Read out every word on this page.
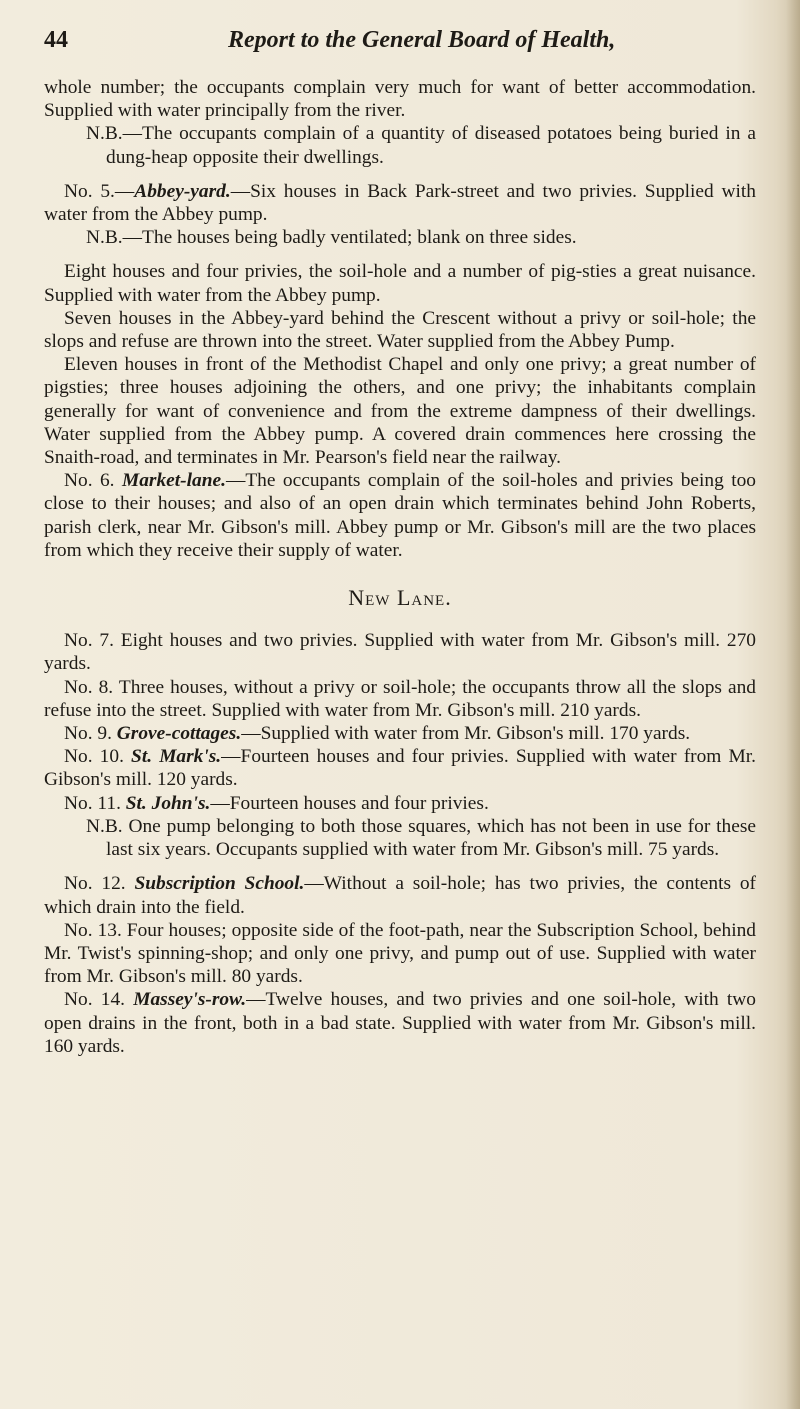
44	Report to the General Board of Health,

whole number; the occupants complain very much for want of better accommodation. Supplied with water principally from the river.

N.B.—The occupants complain of a quantity of diseased potatoes being buried in a dung-heap opposite their dwellings.

No. 5.—Abbey-yard.—Six houses in Back Park-street and two privies. Supplied with water from the Abbey pump.

N.B.—The houses being badly ventilated; blank on three sides.

Eight houses and four privies, the soil-hole and a number of pig-sties a great nuisance. Supplied with water from the Abbey pump.

Seven houses in the Abbey-yard behind the Crescent without a privy or soil-hole; the slops and refuse are thrown into the street. Water supplied from the Abbey Pump.

Eleven houses in front of the Methodist Chapel and only one privy; a great number of pigsties; three houses adjoining the others, and one privy; the inhabitants complain generally for want of convenience and from the extreme dampness of their dwellings. Water supplied from the Abbey pump. A covered drain commences here crossing the Snaith-road, and terminates in Mr. Pearson's field near the railway.

No. 6. Market-lane.—The occupants complain of the soil-holes and privies being too close to their houses; and also of an open drain which terminates behind John Roberts, parish clerk, near Mr. Gibson's mill. Abbey pump or Mr. Gibson's mill are the two places from which they receive their supply of water.

New Lane.

No. 7. Eight houses and two privies. Supplied with water from Mr. Gibson's mill. 270 yards.

No. 8. Three houses, without a privy or soil-hole; the occupants throw all the slops and refuse into the street. Supplied with water from Mr. Gibson's mill. 210 yards.

No. 9. Grove-cottages.—Supplied with water from Mr. Gibson's mill. 170 yards.

No. 10. St. Mark's.—Fourteen houses and four privies. Supplied with water from Mr. Gibson's mill. 120 yards.

No. 11. St. John's.—Fourteen houses and four privies.

N.B. One pump belonging to both those squares, which has not been in use for these last six years. Occupants supplied with water from Mr. Gibson's mill. 75 yards.

No. 12. Subscription School.—Without a soil-hole; has two privies, the contents of which drain into the field.

No. 13. Four houses; opposite side of the foot-path, near the Subscription School, behind Mr. Twist's spinning-shop; and only one privy, and pump out of use. Supplied with water from Mr. Gibson's mill. 80 yards.

No. 14. Massey's-row.—Twelve houses, and two privies and one soil-hole, with two open drains in the front, both in a bad state. Supplied with water from Mr. Gibson's mill. 160 yards.
